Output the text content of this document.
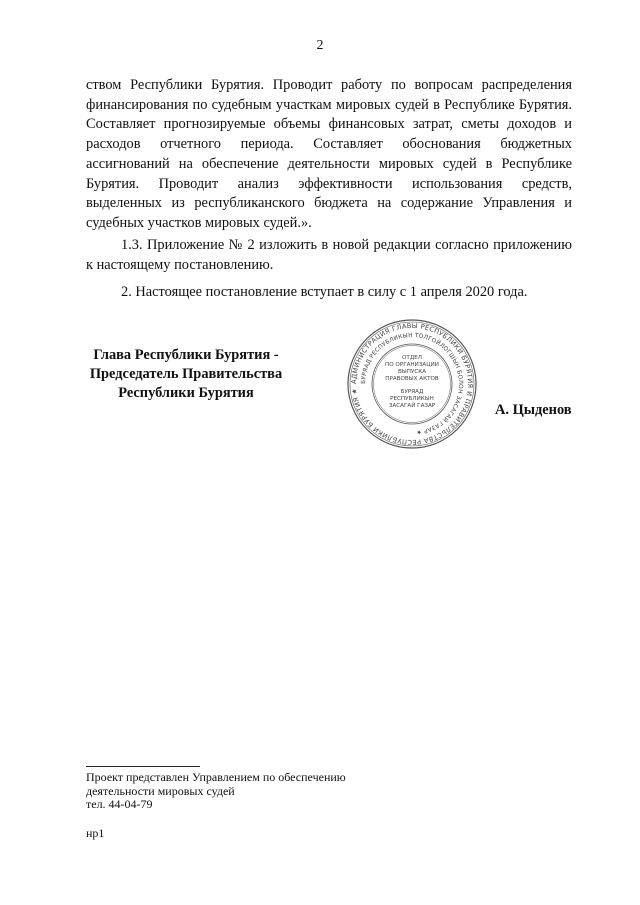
2

ством Республики Бурятия. Проводит работу по вопросам распределения финансирования по судебным участкам мировых судей в Республике Бурятия. Составляет прогнозируемые объемы финансовых затрат, сметы доходов и расходов отчетного периода. Составляет обоснования бюджетных ассигнований на обеспечение деятельности мировых судей в Республике Бурятия. Проводит анализ эффективности использования средств, выделенных из республиканского бюджета на содержание Управления и судебных участков мировых судей.».

1.3. Приложение № 2 изложить в новой редакции согласно приложению к настоящему постановлению.

2. Настоящее постановление вступает в силу с 1 апреля 2020 года.

Глава Республики Бурятия -
Председатель Правительства
Республики Бурятия
АДМИНИСТРАЦИЯ ГЛАВЫ РЕСПУБЛИКИ БУРЯТИЯ И ПРАВИТЕЛЬСТВА РЕСПУБЛИКИ БУРЯТИЯ ★
БУРЯАД РЕСПУБЛИКЫН ТОЛГОЙЛОГШЫН БОЛОН ЗАСАГАЙ ГАЗАР ★
ОТДЕЛ
ПО ОРГАНИЗАЦИИ
ВЫПУСКА
ПРАВОВЫХ АКТОВ
БУРЯАД
РЕСПУБЛИКЫН
ЗАСАГАЙ ГАЗАР	А. Цыденов
Проект представлен Управлением по обеспечению
деятельности мировых судей
тел. 44-04-79
нр1
